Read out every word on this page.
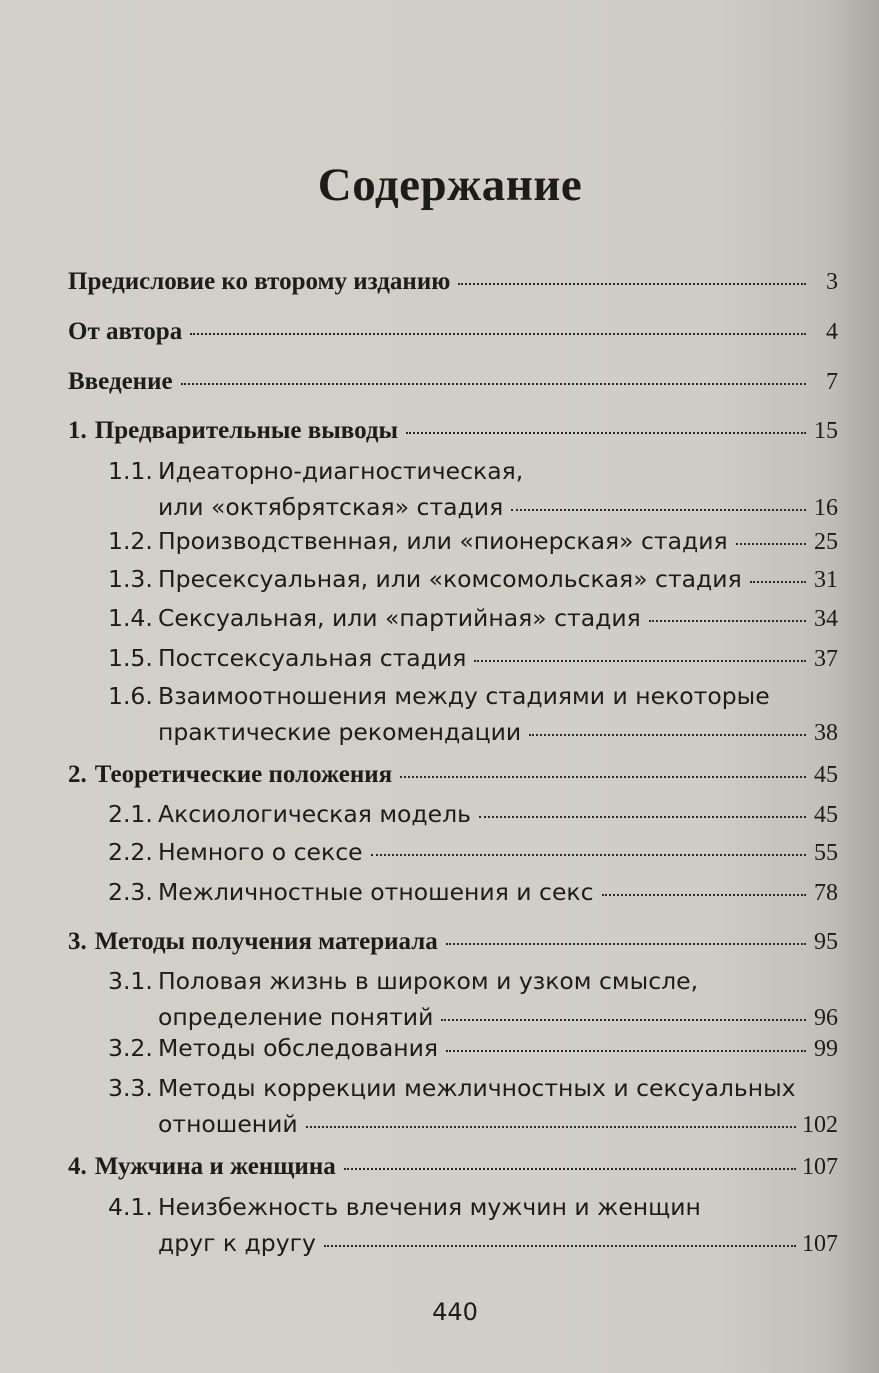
Содержание
Предисловие ко второму изданию	3
От автора	4
Введение	7
1. Предварительные выводы	15
1.1. Идеаторно-диагностическая,
или «октябрятская» стадия	16
1.2. Производственная, или «пионерская» стадия	25
1.3. Пресексуальная, или «комсомольская» стадия	31
1.4. Сексуальная, или «партийная» стадия	34
1.5. Постсексуальная стадия	37
1.6. Взаимоотношения между стадиями и некоторые
практические рекомендации	38
2. Теоретические положения	45
2.1. Аксиологическая модель	45
2.2. Немного о сексе	55
2.3. Межличностные отношения и секс	78
3. Методы получения материала	95
3.1. Половая жизнь в широком и узком смысле,
определение понятий	96
3.2. Методы обследования	99
3.3. Методы коррекции межличностных и сексуальных
отношений	102
4. Мужчина и женщина	107
4.1. Неизбежность влечения мужчин и женщин
друг к другу	107
440
